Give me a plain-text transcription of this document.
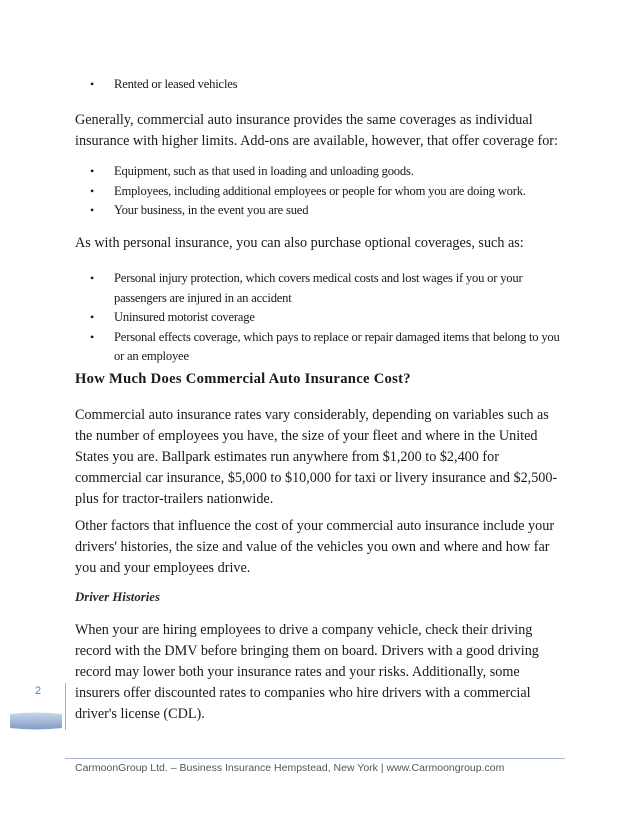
• Rented or leased vehicles

Generally, commercial auto insurance provides the same coverages as individual insurance with higher limits. Add-ons are available, however, that offer coverage for:

• Equipment, such as that used in loading and unloading goods.
• Employees, including additional employees or people for whom you are doing work.
• Your business, in the event you are sued

As with personal insurance, you can also purchase optional coverages, such as:

• Personal injury protection, which covers medical costs and lost wages if you or your passengers are injured in an accident
• Uninsured motorist coverage
• Personal effects coverage, which pays to replace or repair damaged items that belong to you or an employee
How Much Does Commercial Auto Insurance Cost?

Commercial auto insurance rates vary considerably, depending on variables such as the number of employees you have, the size of your fleet and where in the United States you are. Ballpark estimates run anywhere from $1,200 to $2,400 for commercial car insurance, $5,000 to $10,000 for taxi or livery insurance and $2,500-plus for tractor-trailers nationwide.

Other factors that influence the cost of your commercial auto insurance include your drivers' histories, the size and value of the vehicles you own and where and how far you and your employees drive.

Driver Histories

When your are hiring employees to drive a company vehicle, check their driving record with the DMV before bringing them on board. Drivers with a good driving record may lower both your insurance rates and your risks. Additionally, some insurers offer discounted rates to companies who hire drivers with a commercial driver's license (CDL).

2
CarmoonGroup Ltd. – Business Insurance Hempstead, New York | www.Carmoongroup.com
